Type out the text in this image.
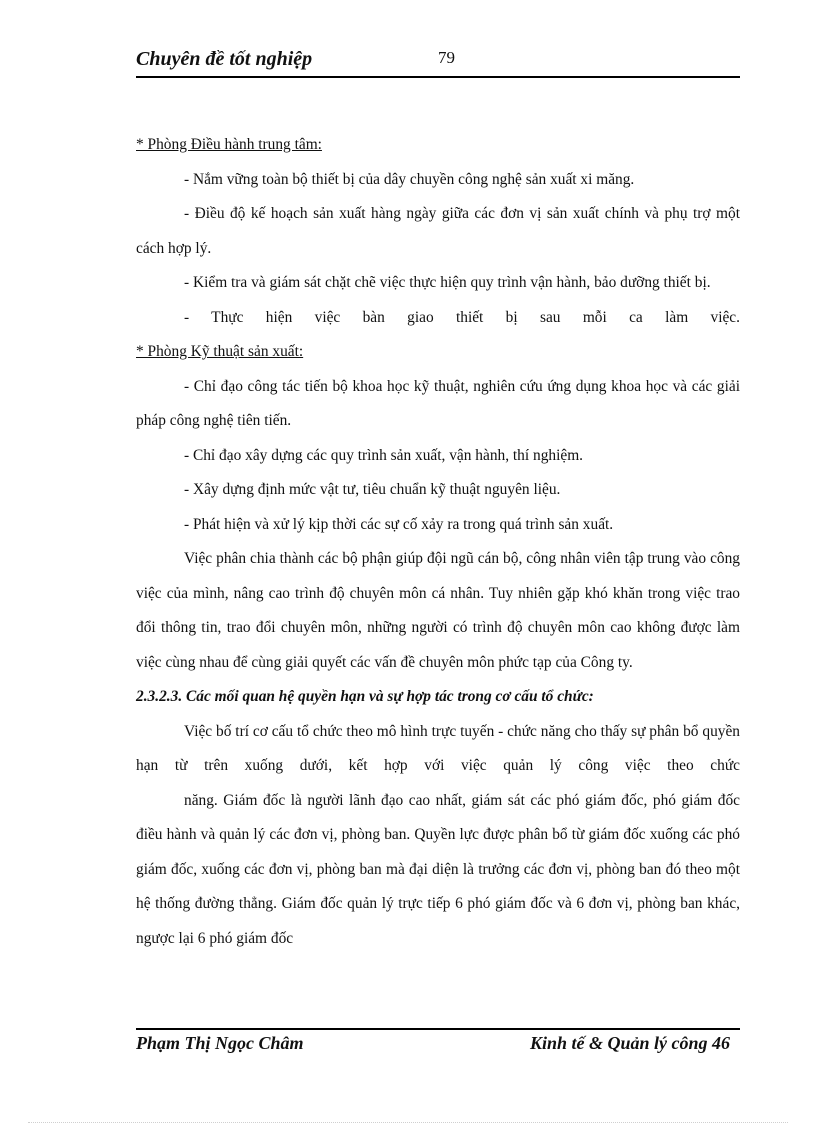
Chuyên đề tốt nghiệp	79

* Phòng Điều hành trung tâm:

- Nắm vững toàn bộ thiết bị của dây chuyền công nghệ sản xuất xi măng.

- Điều độ kế hoạch sản xuất hàng ngày giữa các đơn vị sản xuất chính và phụ trợ một cách hợp lý.

- Kiểm tra và giám sát chặt chẽ việc thực hiện quy trình vận hành, bảo dưỡng thiết bị.

- Thực hiện việc bàn giao thiết bị sau mỗi ca làm việc.

* Phòng Kỹ thuật sản xuất:

- Chỉ đạo công tác tiến bộ khoa học kỹ thuật, nghiên cứu ứng dụng khoa học và các giải pháp công nghệ tiên tiến.

- Chỉ đạo xây dựng các quy trình sản xuất, vận hành, thí nghiệm.

- Xây dựng định mức vật tư, tiêu chuẩn kỹ thuật nguyên liệu.

- Phát hiện và xử lý kịp thời các sự cố xảy ra trong quá trình sản xuất.

Việc phân chia thành các bộ phận giúp đội ngũ cán bộ, công nhân viên tập trung vào công việc của mình, nâng cao trình độ chuyên môn cá nhân. Tuy nhiên gặp khó khăn trong việc trao đổi thông tin, trao đổi chuyên môn, những người có trình độ chuyên môn cao không được làm việc cùng nhau để cùng giải quyết các vấn đề chuyên môn phức tạp của Công ty.

2.3.2.3. Các mối quan hệ quyền hạn và sự hợp tác trong cơ cấu tổ chức:

Việc bố trí cơ cấu tổ chức theo mô hình trực tuyến - chức năng cho thấy sự phân bổ quyền hạn từ trên xuống dưới, kết hợp với việc quản lý công việc theo chức

năng. Giám đốc là người lãnh đạo cao nhất, giám sát các phó giám đốc, phó giám đốc điều hành và quản lý các đơn vị, phòng ban. Quyền lực được phân bổ từ giám đốc xuống các phó giám đốc, xuống các đơn vị, phòng ban mà đại diện là trưởng các đơn vị, phòng ban đó theo một hệ thống đường thẳng. Giám đốc quản lý trực tiếp 6 phó giám đốc và 6 đơn vị, phòng ban khác, ngược lại 6 phó giám đốc

Phạm Thị Ngọc Châm	Kinh tế & Quản lý công 46
